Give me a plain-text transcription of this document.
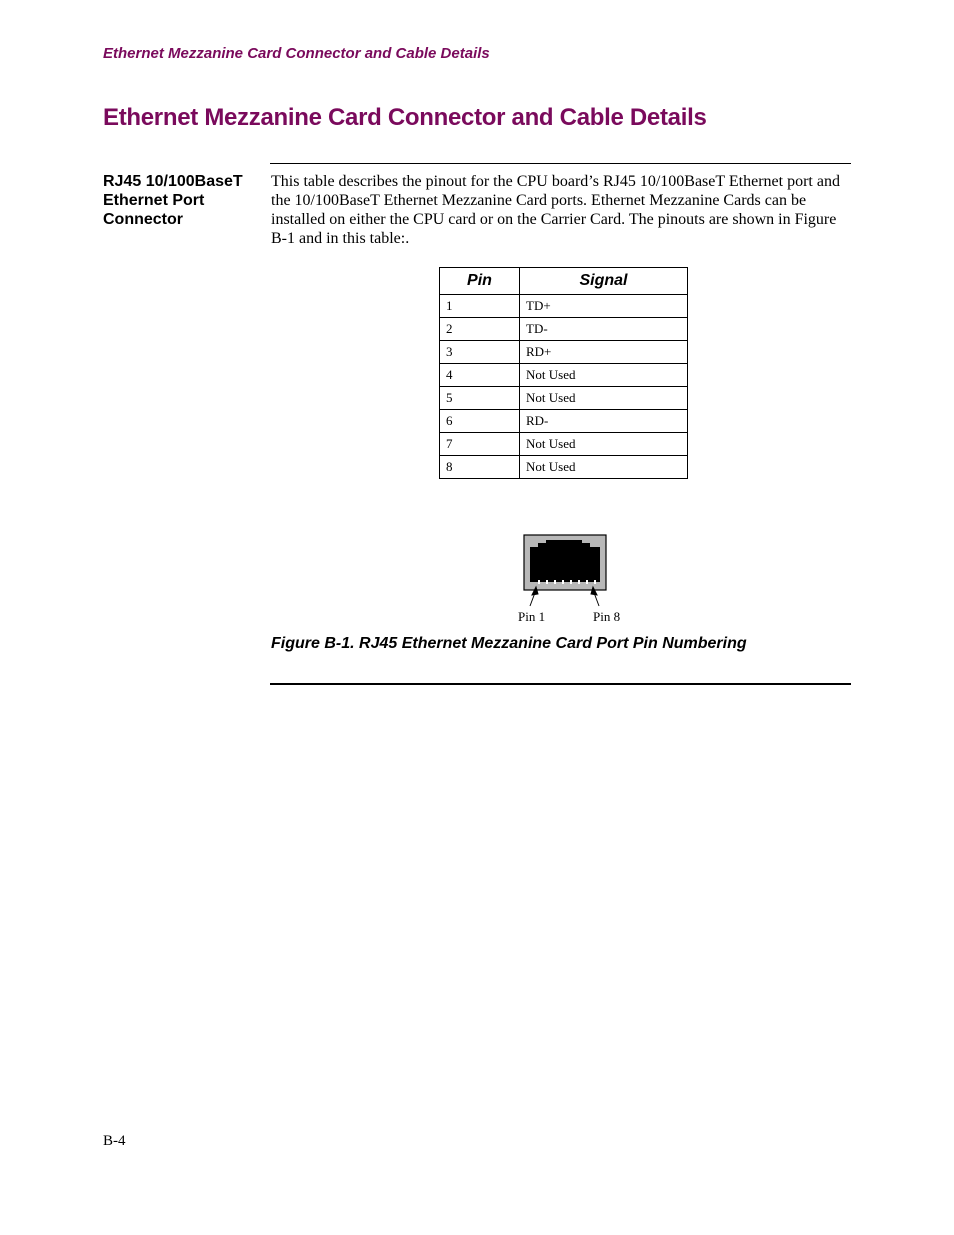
Ethernet Mezzanine Card Connector and Cable Details
Ethernet Mezzanine Card Connector and Cable Details
RJ45 10/100BaseT
Ethernet Port
Connector

This table describes the pinout for the CPU board’s RJ45 10/100BaseT Ethernet port and the 10/100BaseT Ethernet Mezzanine Card ports. Ethernet Mezzanine Cards can be installed on either the CPU card or on the Carrier Card. The pinouts are shown in Figure B-1 and in this table:.

Pin	Signal
1	TD+
2	TD-
3	RD+
4	Not Used
5	Not Used
6	RD-
7	Not Used
8	Not Used
Pin 1	Pin 8
Figure B-1. RJ45 Ethernet Mezzanine Card Port Pin Numbering
B-4
